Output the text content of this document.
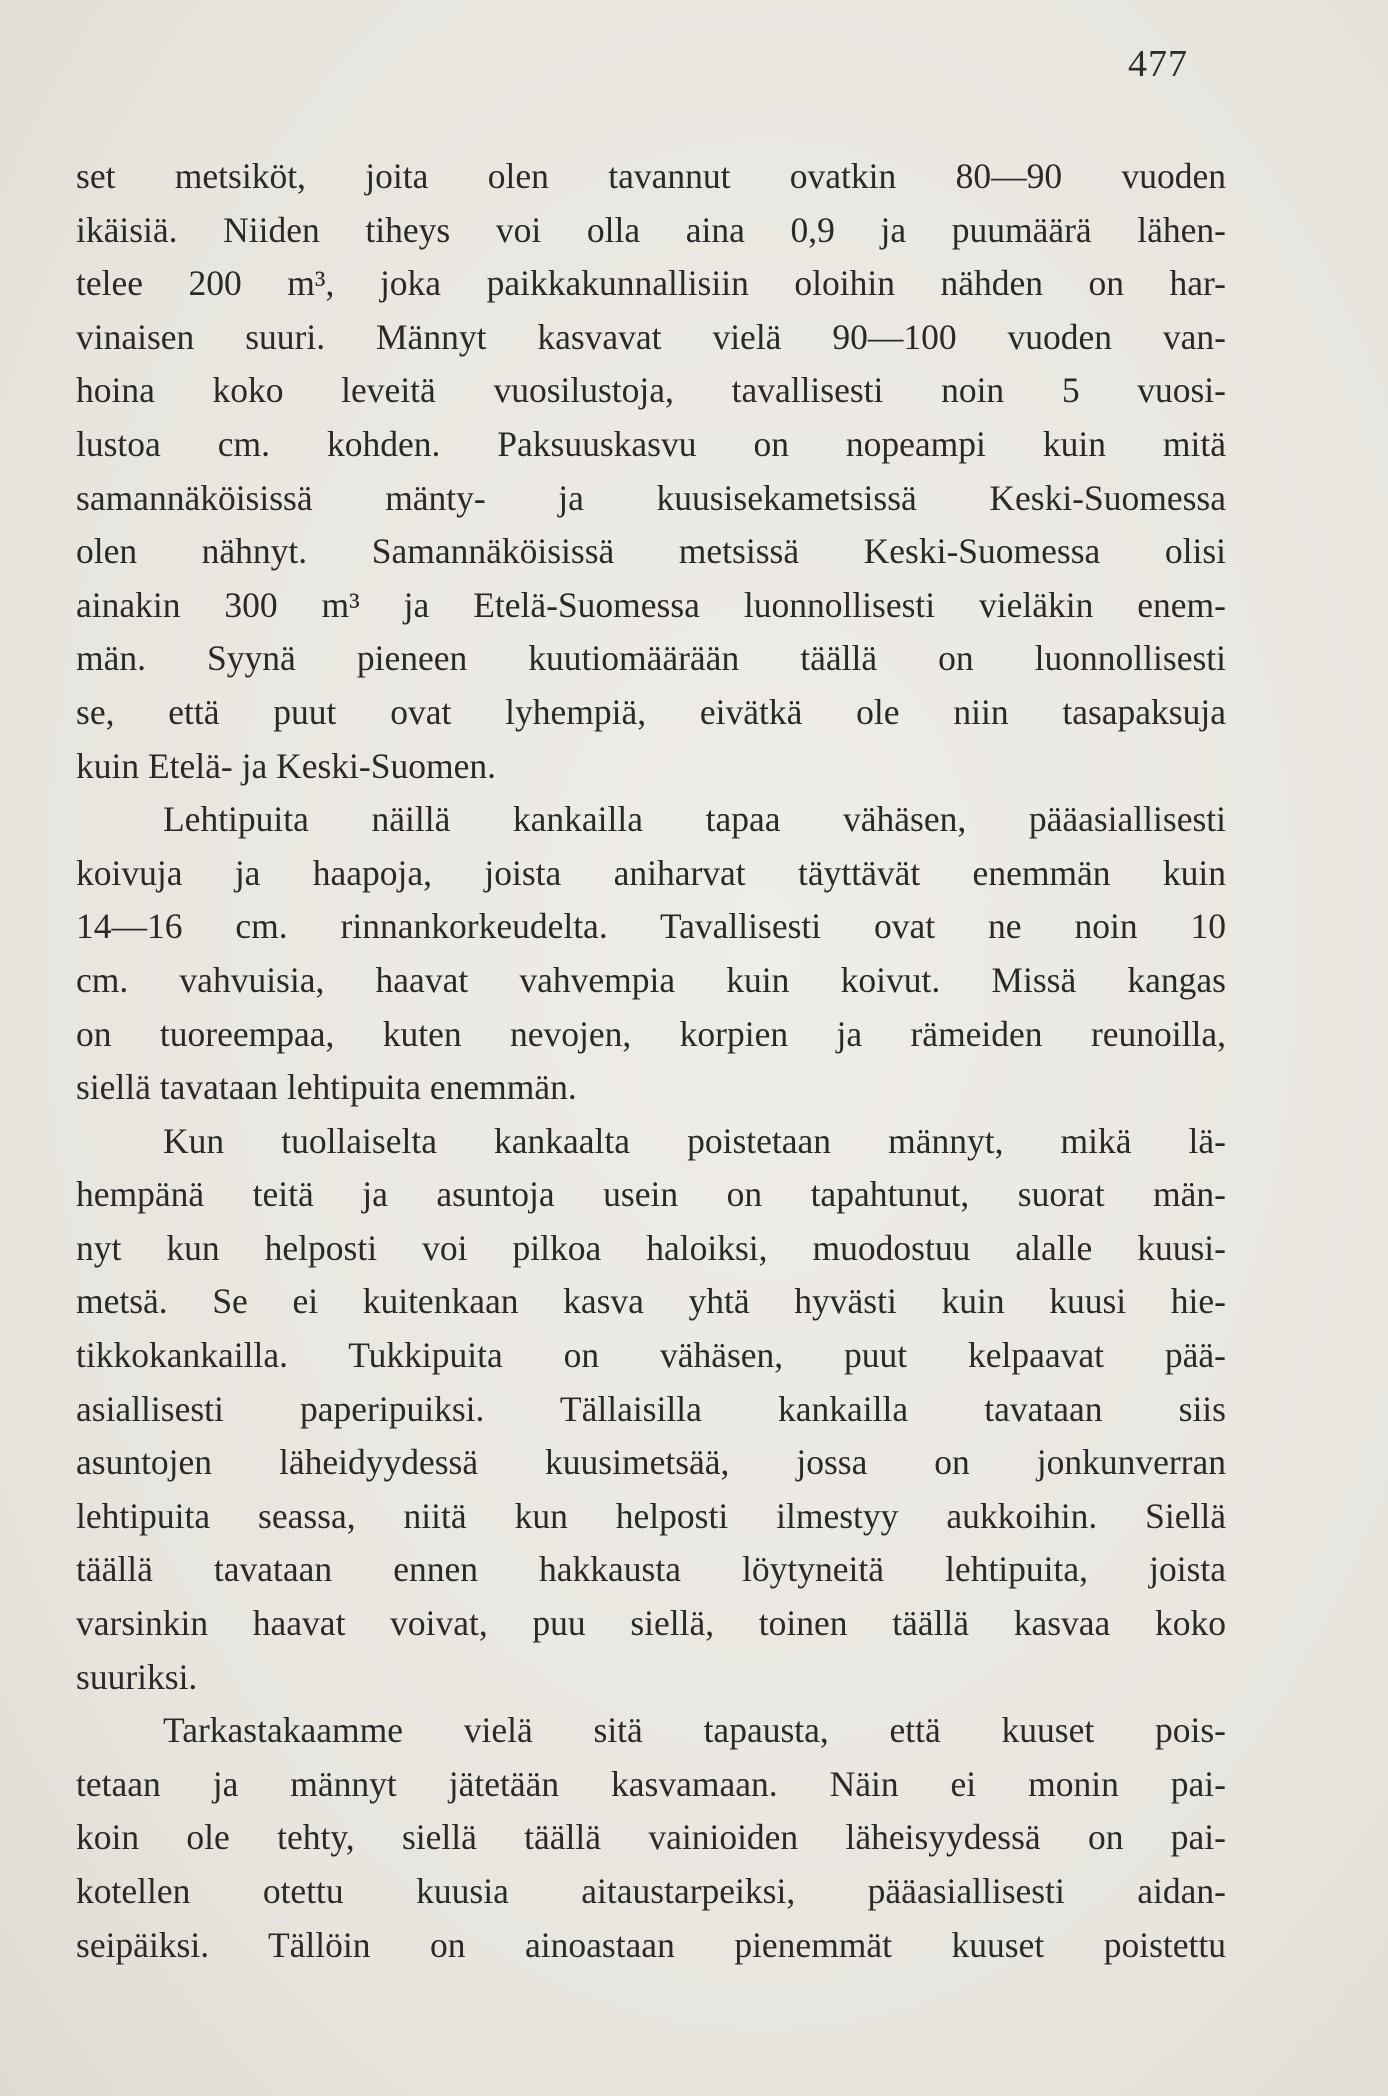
477
set metsiköt, joita olen tavannut ovatkin 80—90 vuoden
ikäisiä. Niiden tiheys voi olla aina 0,9 ja puumäärä lähen-
telee 200 m³, joka paikkakunnallisiin oloihin nähden on har-
vinaisen suuri. Männyt kasvavat vielä 90—100 vuoden van-
hoina koko leveitä vuosilustoja, tavallisesti noin 5 vuosi-
lustoa cm. kohden. Paksuuskasvu on nopeampi kuin mitä
samannäköisissä mänty- ja kuusisekametsissä Keski-Suomessa
olen nähnyt. Samannäköisissä metsissä Keski-Suomessa olisi
ainakin 300 m³ ja Etelä-Suomessa luonnollisesti vieläkin enem-
män. Syynä pieneen kuutiomäärään täällä on luonnollisesti
se, että puut ovat lyhempiä, eivätkä ole niin tasapaksuja
kuin Etelä- ja Keski-Suomen.
Lehtipuita näillä kankailla tapaa vähäsen, pääasiallisesti
koivuja ja haapoja, joista aniharvat täyttävät enemmän kuin
14—16 cm. rinnankorkeudelta. Tavallisesti ovat ne noin 10
cm. vahvuisia, haavat vahvempia kuin koivut. Missä kangas
on tuoreempaa, kuten nevojen, korpien ja rämeiden reunoilla,
siellä tavataan lehtipuita enemmän.
Kun tuollaiselta kankaalta poistetaan männyt, mikä lä-
hempänä teitä ja asuntoja usein on tapahtunut, suorat män-
nyt kun helposti voi pilkoa haloiksi, muodostuu alalle kuusi-
metsä. Se ei kuitenkaan kasva yhtä hyvästi kuin kuusi hie-
tikkokankailla. Tukkipuita on vähäsen, puut kelpaavat pää-
asiallisesti paperipuiksi. Tällaisilla kankailla tavataan siis
asuntojen läheidyydessä kuusimetsää, jossa on jonkunverran
lehtipuita seassa, niitä kun helposti ilmestyy aukkoihin. Siellä
täällä tavataan ennen hakkausta löytyneitä lehtipuita, joista
varsinkin haavat voivat, puu siellä, toinen täällä kasvaa koko
suuriksi.
Tarkastakaamme vielä sitä tapausta, että kuuset pois-
tetaan ja männyt jätetään kasvamaan. Näin ei monin pai-
koin ole tehty, siellä täällä vainioiden läheisyydessä on pai-
kotellen otettu kuusia aitaustarpeiksi, pääasiallisesti aidan-
seipäiksi. Tällöin on ainoastaan pienemmät kuuset poistettu
